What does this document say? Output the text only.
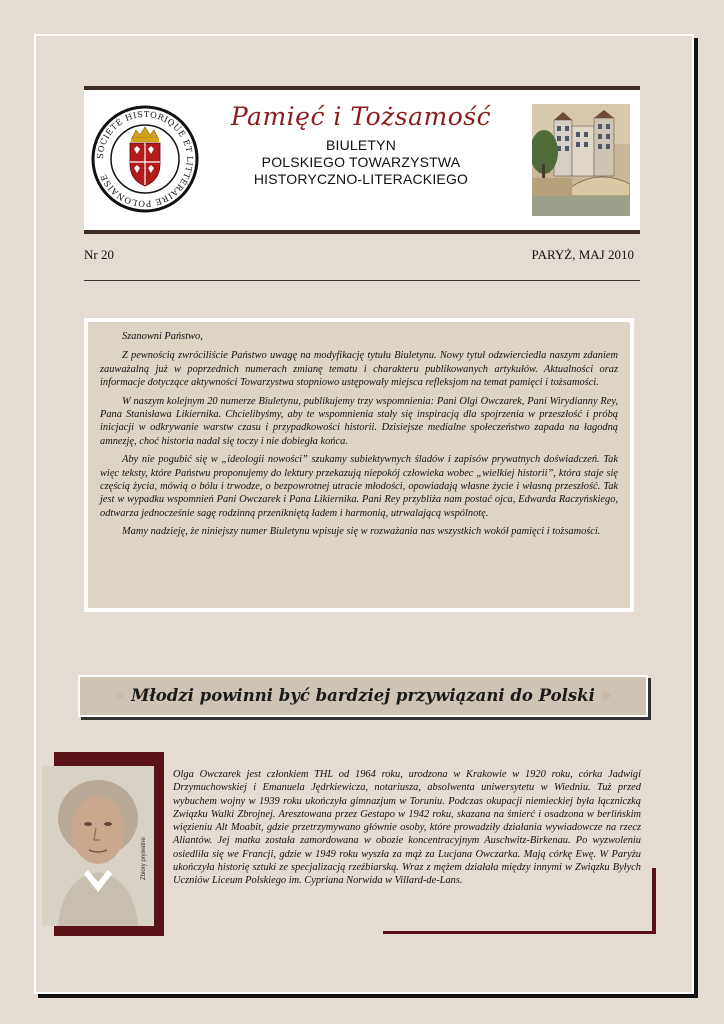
SOCIÉTÉ HISTORIQUE ET LITTÉRAIRE POLONAISE
Pamięć i Tożsamość
BIULETYN
POLSKIEGO TOWARZYSTWA
HISTORYCZNO-LITERACKIEGO
Nr 20	PARYŻ, MAJ 2010

Szanowni Państwo,

Z pewnością zwróciliście Państwo uwagę na modyfikację tytułu Biuletynu. Nowy tytuł odzwierciedla naszym zdaniem zauważalną już w poprzednich numerach zmianę tematu i charakteru publikowanych artykułów. Aktualności oraz informacje dotyczące aktywności Towarzystwa stopniowo ustępowały miejsca refleksjom na temat pamięci i tożsamości.

W naszym kolejnym 20 numerze Biuletynu, publikujemy trzy wspomnienia: Pani Olgi Owczarek, Pani Wirydianny Rey, Pana Stanisława Likiernika. Chcielibyśmy, aby te wspomnienia stały się inspiracją dla spojrzenia w przeszłość i próbą inicjacji w odkrywanie warstw czasu i przypadkowości historii. Dzisiejsze medialne społeczeństwo zapada na łagodną amnezję, choć historia nadal się toczy i nie dobiegła końca.

Aby nie pogubić się w „ideologii nowości” szukamy subiektywnych śladów i zapisów prywatnych doświadczeń. Tak więc teksty, które Państwu proponujemy do lektury przekazują niepokój człowieka wobec „wielkiej historii”, która staje się częścią życia, mówią o bólu i trwodze, o bezpowrotnej utracie młodości, opowiadają własne życie i własną przeszłość. Tak jest w wypadku wspomnień Pani Owczarek i Pana Likiernika. Pani Rey przybliża nam postać ojca, Edwarda Raczyńskiego, odtwarza jednocześnie sagę rodzinną przenikniętą ładem i harmonią, utrwalającą wspólnotę.

Mamy nadzieję, że niniejszy numer Biuletynu wpisuje się w rozważania nas wszystkich wokół pamięci i tożsamości.

« Młodzi powinni być bardziej przywiązani do Polski »
Zbiory prywatne
Olga Owczarek jest członkiem THL od 1964 roku, urodzona w Krakowie w 1920 roku, córka Jadwigi Drzymuchowskiej i Emanuela Jędrkiewicza, notariusza, absolwenta uniwersytetu w Wiedniu. Tuż przed wybuchem wojny w 1939 roku ukończyła gimnazjum w Toruniu. Podczas okupacji niemieckiej była łączniczką Związku Walki Zbrojnej. Aresztowana przez Gestapo w 1942 roku, skazana na śmierć i osadzona w berlińskim więzieniu Alt Moabit, gdzie przetrzymywano głównie osoby, które prowadziły działania wywiadowcze na rzecz Aliantów. Jej matka została zamordowana w obozie koncentracyjnym Auschwitz-Birkenau. Po wyzwoleniu osiedliła się we Francji, gdzie w 1949 roku wyszła za mąż za Lucjana Owczarka. Mają córkę Ewę. W Paryżu ukończyła historię sztuki ze specjalizacją rzeźbiarską. Wraz z mężem działała między innymi w Związku Byłych Uczniów Liceum Polskiego im. Cypriana Norwida w Villard-de-Lans.
